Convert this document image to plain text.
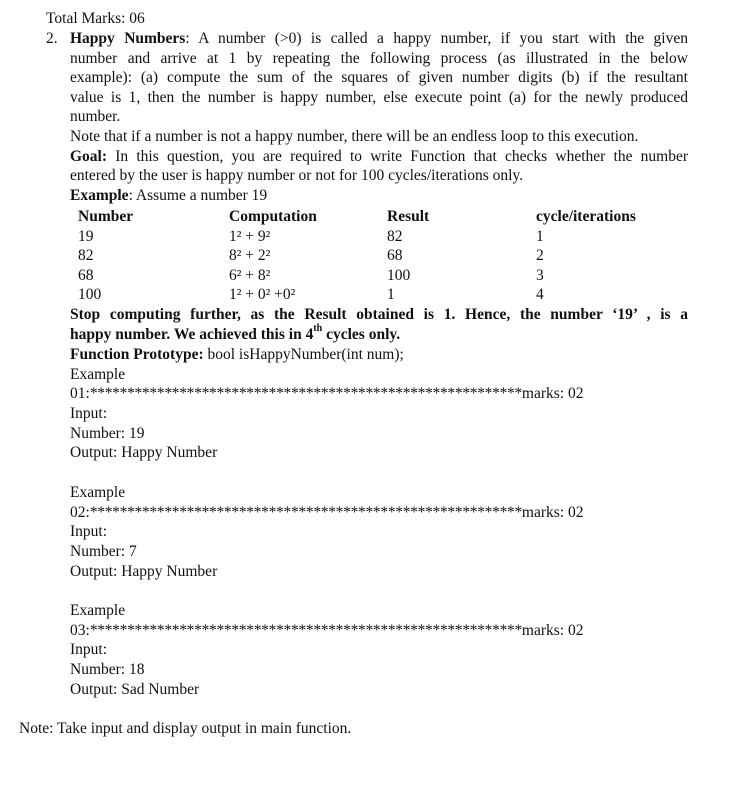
Total Marks: 06
2. Happy Numbers: A number (>0) is called a happy number, if you start with the given
number and arrive at 1 by repeating the following process (as illustrated in the below
example): (a) compute the sum of the squares of given number digits (b) if the resultant
value is 1, then the number is happy number, else execute point (a) for the newly produced
number.
Note that if a number is not a happy number, there will be an endless loop to this execution.
Goal: In this question, you are required to write Function that checks whether the number
entered by the user is happy number or not for 100 cycles/iterations only.
Example: Assume a number 19
Number	Computation	Result	cycle/iterations
19	1² + 9²	82	1
82	8² + 2²	68	2
68	6² + 8²	100	3
100	1² + 0² +0²	1	4
Stop computing further, as the Result obtained is 1. Hence, the number ‘19’ , is a
happy number. We achieved this in 4th cycles only.
Function Prototype: bool isHappyNumber(int num);
Example
01:**********************************************************marks: 02
Input:
Number: 19
Output: Happy Number
Example
02:**********************************************************marks: 02
Input:
Number: 7
Output: Happy Number
Example
03:**********************************************************marks: 02
Input:
Number: 18
Output: Sad Number
Note: Take input and display output in main function.
